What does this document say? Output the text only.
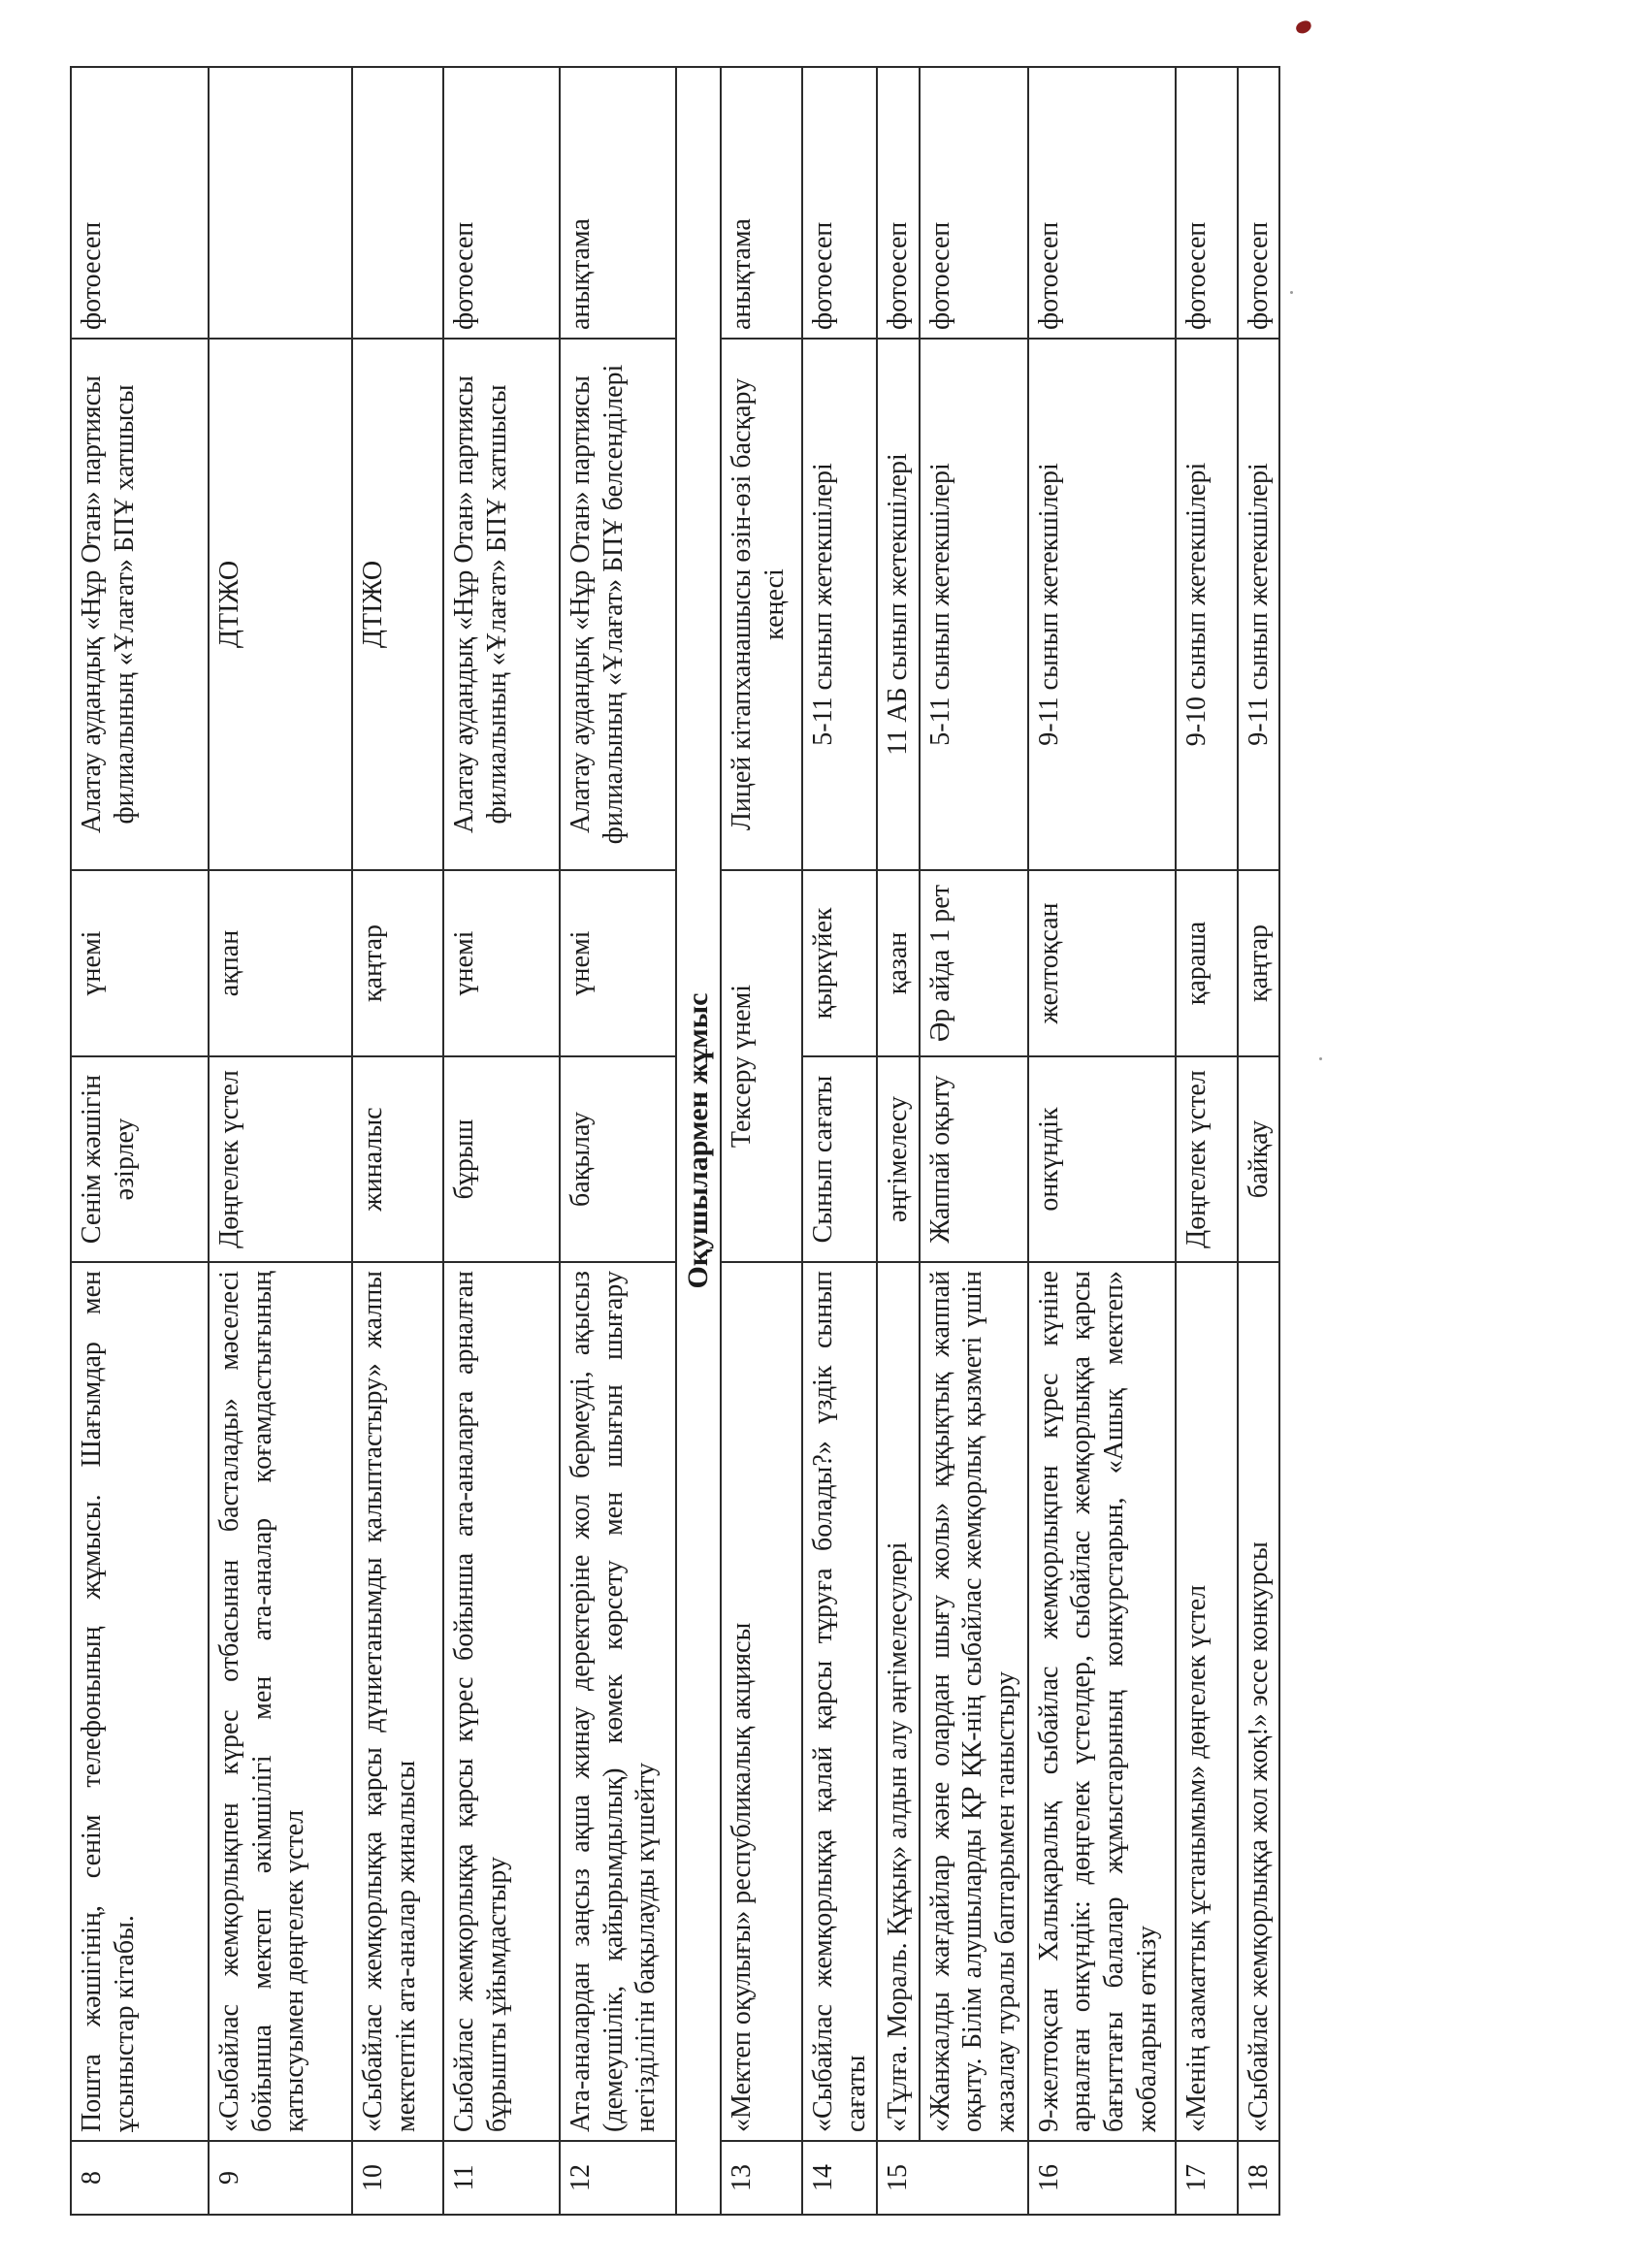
8	Пошта жәшігінің, сенім телефонының жұмысы. Шағымдар мен ұсыныстар кітабы.	Сенім жәшігін әзірлеу	үнемі	Алатау аудандық «Нұр Отан» партиясы филиалының «Ұлағат» БПҰ хатшысы	фотоесеп
9	«Сыбайлас жемқорлықпен күрес отбасынан басталады» мәселесі бойынша мектеп әкімшілігі мен ата-аналар қоғамдастығының қатысуымен дөңгелек үстел	Дөңгелек үстел	ақпан	ДТІЖО	
10	«Сыбайлас жемқорлыққа қарсы дүниетанымды қалыптастыру» жалпы мектептік ата-аналар жиналысы	жиналыс	қаңтар	ДТІЖО	
11	Сыбайлас жемқорлыққа қарсы күрес бойынша ата-аналарға арналған бұрышты ұйымдастыру	бұрыш	үнемі	Алатау аудандық «Нұр Отан» партиясы филиалының «Ұлағат» БПҰ хатшысы	фотоесеп
12	Ата-аналардан заңсыз ақша жинау деректеріне жол бермеуді, ақысыз (демеушілік, қайырымдылық) көмек көрсету мен шығын шығару негізділігін бақылауды күшейту	бақылау	үнемі	Алатау аудандық «Нұр Отан» партиясы филиалының «Ұлағат» БПҰ белсенділері	анықтама
Оқушылармен жұмыс					
13	«Мектеп оқулығы» республикалық акциясы	Тексеру үнемі		Лицей кітапханашысы өзін-өзі басқару кеңесі	анықтама
14	«Сыбайлас жемқорлыққа қалай қарсы тұруға болады?» үздік сынып сағаты	Сынып сағаты	қыркүйек	5-11 сынып жетекшілері	фотоесеп
15	«Тұлға. Мораль. Құқық» алдын алу әңгімелесулері	әңгімелесу	қазан	11 АБ сынып жетекшілері	фотоесеп
	«Жанжалды жағдайлар және олардан шығу жолы» құқықтық жаппай оқыту. Білім алушыларды ҚР ҚК-нің сыбайлас жемқорлық қызметі үшін жазалау туралы баптарымен таныстыру	Жаппай оқыту	Әр айда 1 рет	5-11 сынып жетекшілері	фотоесеп
16	9-желтоқсан Халықаралық сыбайлас жемқорлықпен күрес күніне арналған онкүндік: дөңгелек үстелдер, сыбайлас жемқорлыққа қарсы бағыттағы балалар жұмыстарының конкурстарын, «Ашық мектеп» жобаларын өткізу	онкүндік	желтоқсан	9-11 сынып жетекшілері	фотоесеп
17	«Менің азаматтық ұстанымым» дөңгелек үстел	Дөңгелек үстел	қараша	9-10 сынып жетекшілері	фотоесеп
18	«Сыбайлас жемқорлыққа жол жоқ!» эссе конкурсы	байқау	қаңтар	9-11 сынып жетекшілері	фотоесеп
